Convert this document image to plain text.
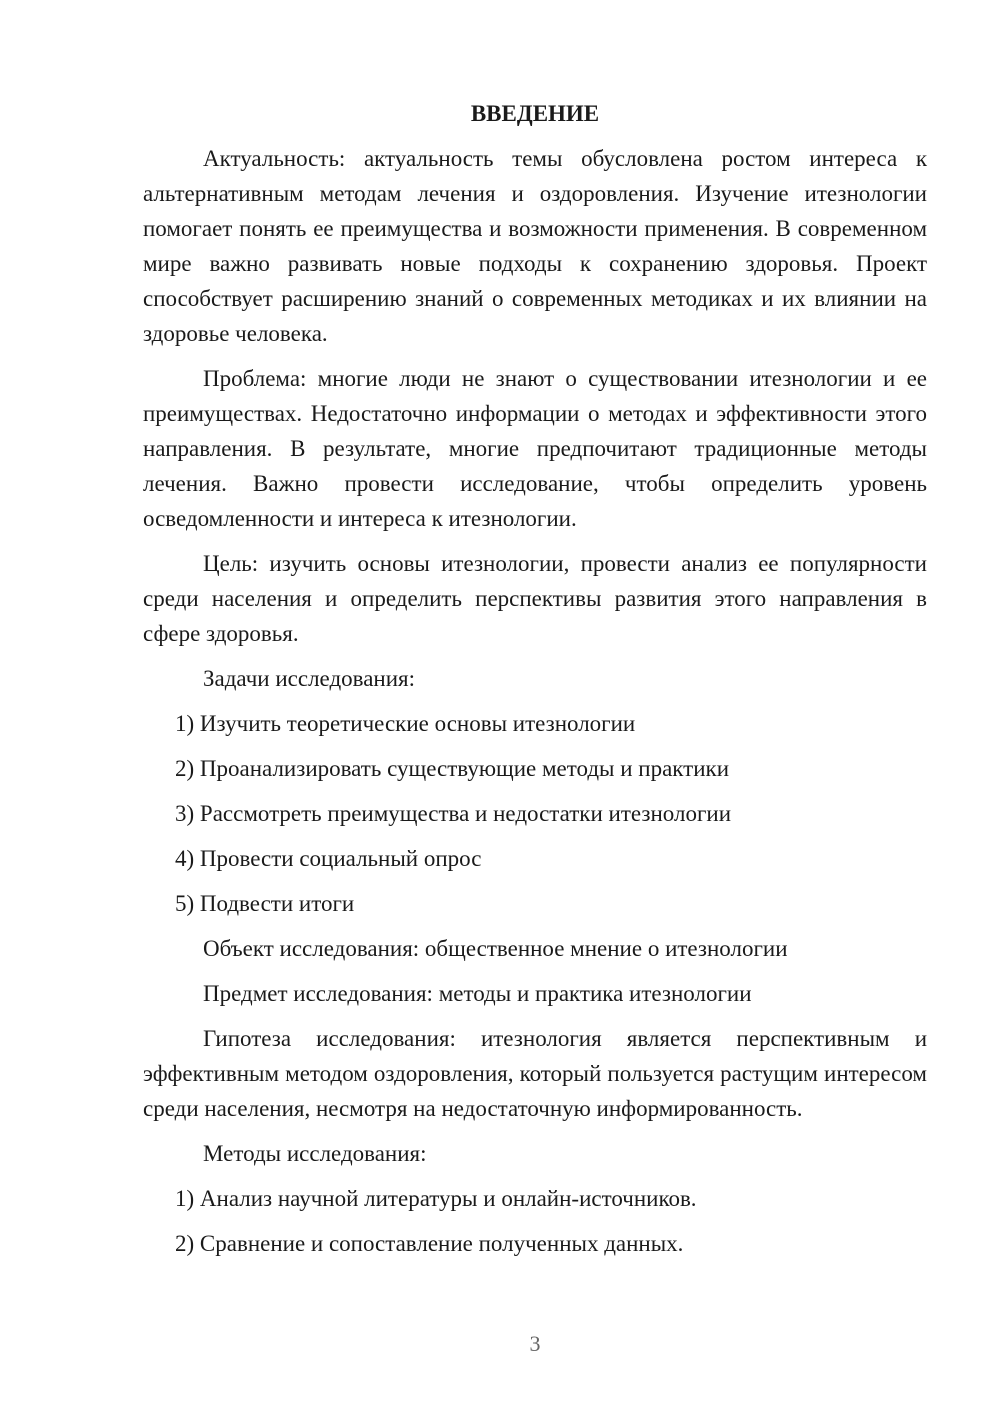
ВВЕДЕНИЕ

Актуальность: актуальность темы обусловлена ростом интереса к альтернативным методам лечения и оздоровления. Изучение итезнологии помогает понять ее преимущества и возможности применения. В современном мире важно развивать новые подходы к сохранению здоровья. Проект способствует расширению знаний о современных методиках и их влиянии на здоровье человека.

Проблема: многие люди не знают о существовании итезнологии и ее преимуществах. Недостаточно информации о методах и эффективности этого направления. В результате, многие предпочитают традиционные методы лечения. Важно провести исследование, чтобы определить уровень осведомленности и интереса к итезнологии.

Цель: изучить основы итезнологии, провести анализ ее популярности среди населения и определить перспективы развития этого направления в сфере здоровья.

Задачи исследования:

1) Изучить теоретические основы итезнологии
2) Проанализировать существующие методы и практики
3) Рассмотреть преимущества и недостатки итезнологии
4) Провести социальный опрос
5) Подвести итоги

Объект исследования: общественное мнение о итезнологии

Предмет исследования: методы и практика итезнологии

Гипотеза исследования: итезнология является перспективным и эффективным методом оздоровления, который пользуется растущим интересом среди населения, несмотря на недостаточную информированность.

Методы исследования:

1) Анализ научной литературы и онлайн-источников.
2) Сравнение и сопоставление полученных данных.
3
